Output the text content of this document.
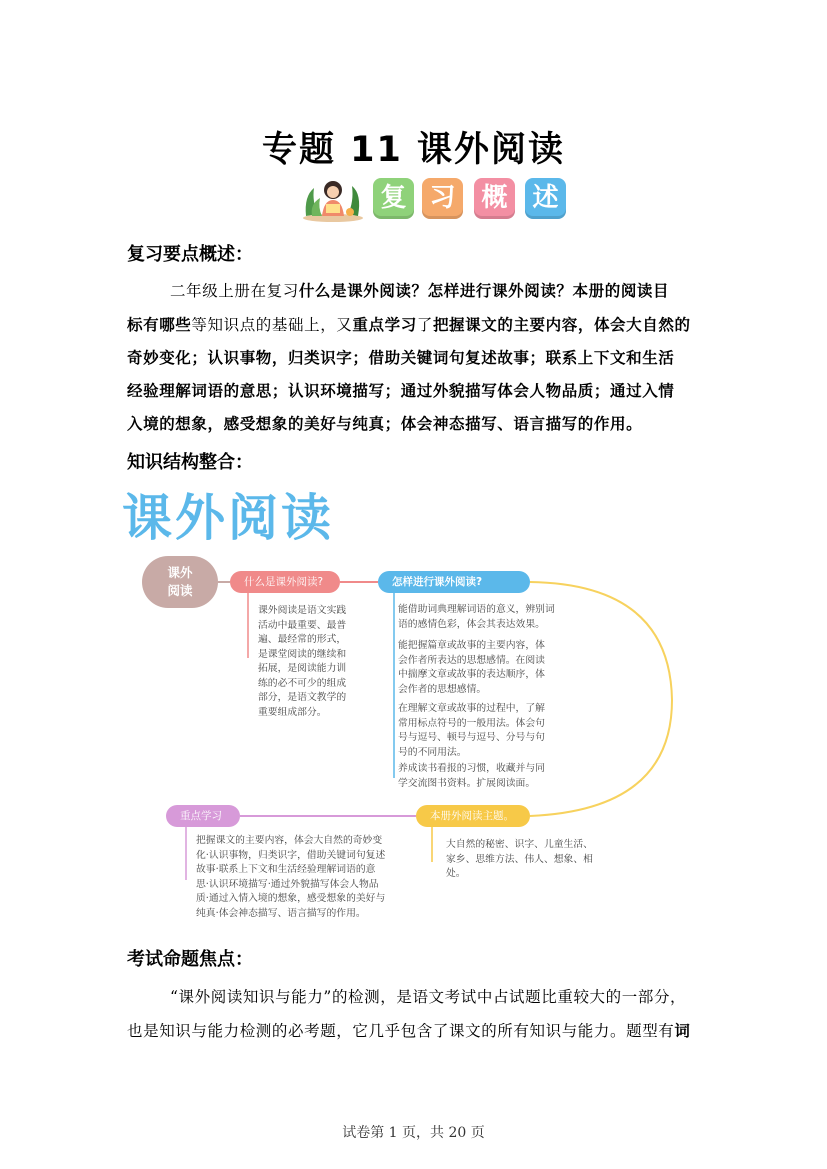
专题 11 课外阅读
复 习 概 述
复习要点概述：
二年级上册在复习什么是课外阅读？怎样进行课外阅读？本册的阅读目
标有哪些等知识点的基础上，又重点学习了把握课文的主要内容，体会大自然的
奇妙变化；认识事物，归类识字；借助关键词句复述故事；联系上下文和生活
经验理解词语的意思；认识环境描写；通过外貌描写体会人物品质；通过入情
入境的想象，感受想象的美好与纯真；体会神态描写、语言描写的作用。
知识结构整合：
课外阅读
课外
阅读
什么是课外阅读?	怎样进行课外阅读?
重点学习	本册外阅读主题。
课外阅读是语文实践
活动中最重要、最普
遍、最经常的形式，
是课堂阅读的继续和
拓展，是阅读能力训
练的必不可少的组成
部分，是语文教学的
重要组成部分。
能借助词典理解词语的意义，辨别词
语的感情色彩，体会其表达效果。
能把握篇章或故事的主要内容，体
会作者所表达的思想感情。在阅读
中揣摩文章或故事的表达顺序，体
会作者的思想感情。
在理解文章或故事的过程中，了解
常用标点符号的一般用法。体会句
号与逗号、顿号与逗号、分号与句
号的不同用法。
养成读书看报的习惯，收藏并与同
学交流图书资料。扩展阅读面。
把握课文的主要内容，体会大自然的奇妙变
化·认识事物，归类识字，借助关键词句复述
故事·联系上下文和生活经验理解词语的意
思·认识环境描写·通过外貌描写体会人物品
质·通过入情入境的想象，感受想象的美好与
纯真·体会神态描写、语言描写的作用。
大自然的秘密、识字、儿童生活、
家乡、思维方法、伟人、想象、相
处。
考试命题焦点：
“课外阅读知识与能力”的检测，是语文考试中占试题比重较大的一部分，
也是知识与能力检测的必考题，它几乎包含了课文的所有知识与能力。题型有词
试卷第 1 页，共 20 页
